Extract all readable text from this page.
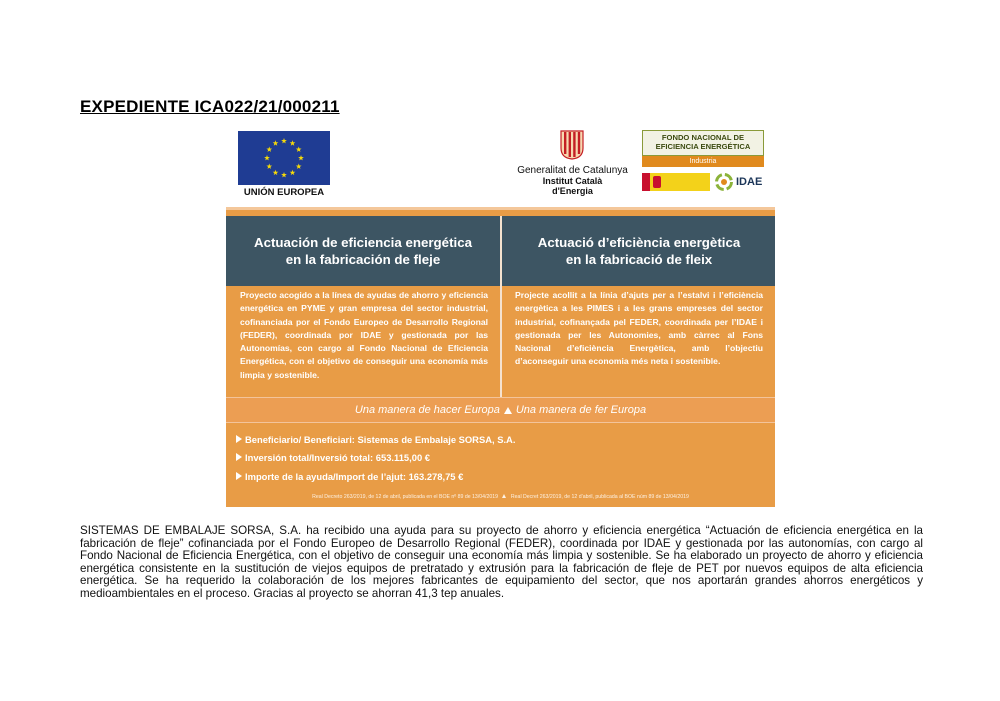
EXPEDIENTE ICA022/21/000211
UNIÓN EUROPEA
Generalitat de Catalunya
Institut Català
d'Energia
FONDO NACIONAL DE
EFICIENCIA ENERGÉTICA
Industria
IDAE
Actuación de eficiencia energética
en la fabricación de fleje
Actuació d’eficiència energètica
en la fabricació de fleix
Proyecto acogido a la línea de ayudas de ahorro y eficiencia energética en PYME y gran empresa del sector industrial, cofinanciada por el Fondo Europeo de Desarrollo Regional (FEDER), coordinada por IDAE y gestionada por las Autonomías, con cargo al Fondo Nacional de Eficiencia Energética, con el objetivo de conseguir una economía más limpia y sostenible.
Projecte acollit a la línia d’ajuts per a l’estalvi i l’eficiència energètica a les PIMES i a les grans empreses del sector industrial, cofinançada pel FEDER, coordinada per l’IDAE i gestionada per les Autonomies, amb càrrec al Fons Nacional d’eficiència Energètica, amb l’objectiu d’aconseguir una economia més neta i sostenible.
Una manera de hacer Europa Una manera de fer Europa
Beneficiario/ Beneficiari: Sistemas de Embalaje SORSA, S.A.
Inversión total/Inversió total: 653.115,00 €
Importe de la ayuda/Import de l’ajut: 163.278,75 €
Real Decreto 263/2019, de 12 de abril, publicada en el BOE nº 89 de 13/04/2019 Real Decret 263/2019, de 12 d’abril, publicada al BOE núm 89 de 13/04/2019
SISTEMAS DE EMBALAJE SORSA, S.A. ha recibido una ayuda para su proyecto de ahorro y eficiencia energética “Actuación de eficiencia energética en la fabricación de fleje” cofinanciada por el Fondo Europeo de Desarrollo Regional (FEDER), coordinada por IDAE y gestionada por las autonomías, con cargo al Fondo Nacional de Eficiencia Energética, con el objetivo de conseguir una economía más limpia y sostenible. Se ha elaborado un proyecto de ahorro y eficiencia energética consistente en la sustitución de viejos equipos de pretratado y extrusión para la fabricación de fleje de PET por nuevos equipos de alta eficiencia energética. Se ha requerido la colaboración de los mejores fabricantes de equipamiento del sector, que nos aportarán grandes ahorros energéticos y medioambientales en el proceso. Gracias al proyecto se ahorran 41,3 tep anuales.
